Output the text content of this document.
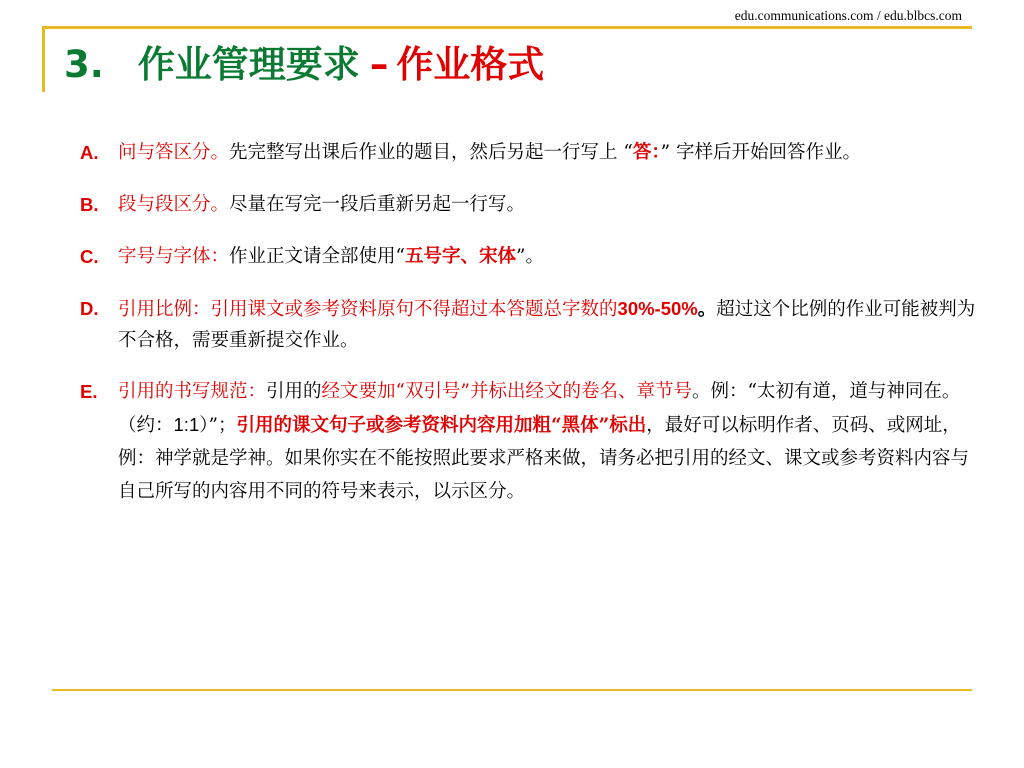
edu.communications.com / edu.blbcs.com
3. 作业管理要求 – 作业格式
A. 问与答区分。先完整写出课后作业的题目，然后另起一行写上 “答：” 字样后开始回答作业。
B. 段与段区分。尽量在写完一段后重新另起一行写。
C. 字号与字体：作业正文请全部使用“五号字、宋体”。
D. 引用比例：引用课文或参考资料原句不得超过本答题总字数的30%-50%。超过这个比例的作业可能被判为不合格，需要重新提交作业。
E. 引用的书写规范：引用的经文要加“双引号”并标出经文的卷名、章节号。例：“太初有道，道与神同在。（约：1:1）”；引用的课文句子或参考资料内容用加粗“黑体”标出，最好可以标明作者、页码、或网址，例：神学就是学神。如果你实在不能按照此要求严格来做，请务必把引用的经文、课文或参考资料内容与自己所写的内容用不同的符号来表示，以示区分。
